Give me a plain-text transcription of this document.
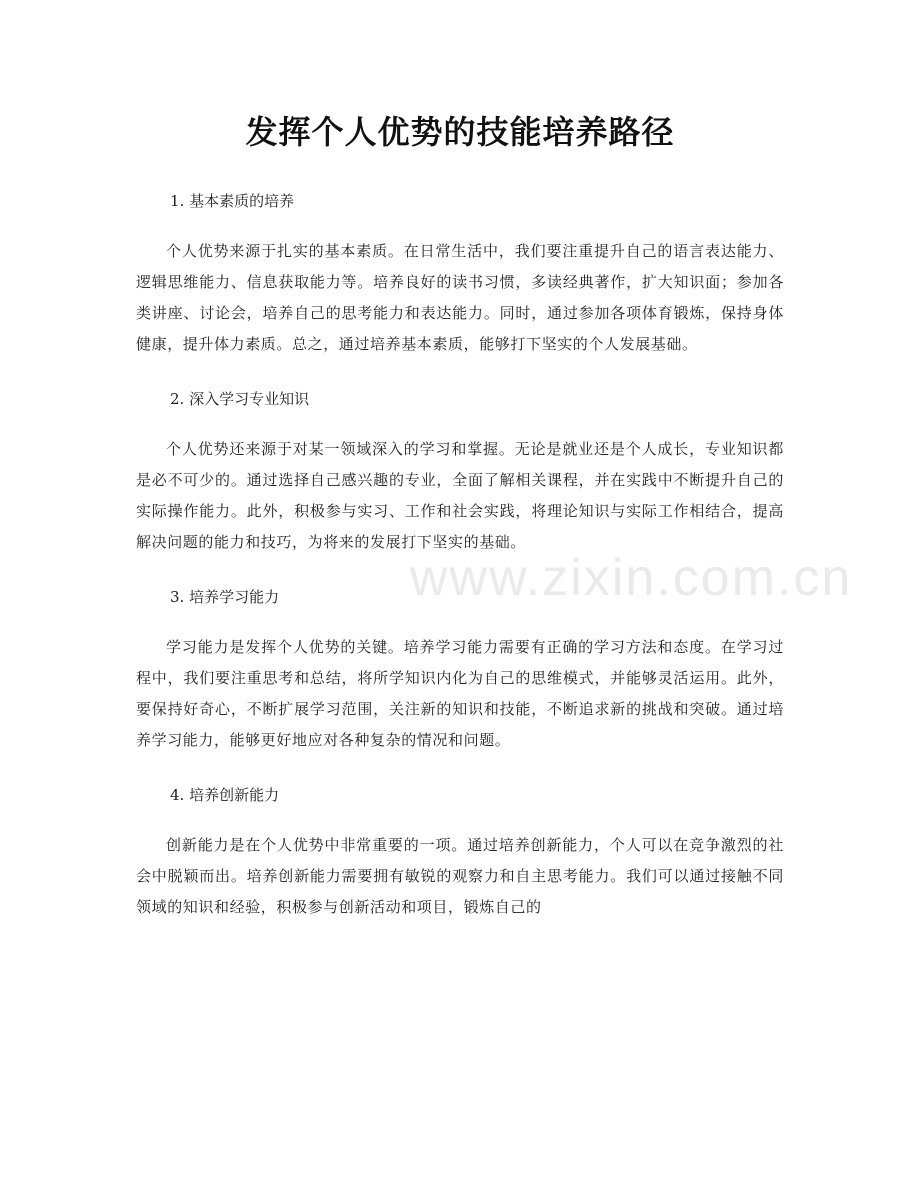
发挥个人优势的技能培养路径
www.zixin.com.cn

1. 基本素质的培养

个人优势来源于扎实的基本素质。在日常生活中，我们要注重提升自己的语言表达能力、逻辑思维能力、信息获取能力等。培养良好的读书习惯，多读经典著作，扩大知识面；参加各类讲座、讨论会，培养自己的思考能力和表达能力。同时，通过参加各项体育锻炼，保持身体健康，提升体力素质。总之，通过培养基本素质，能够打下坚实的个人发展基础。

2. 深入学习专业知识

个人优势还来源于对某一领域深入的学习和掌握。无论是就业还是个人成长，专业知识都是必不可少的。通过选择自己感兴趣的专业，全面了解相关课程，并在实践中不断提升自己的实际操作能力。此外，积极参与实习、工作和社会实践，将理论知识与实际工作相结合，提高解决问题的能力和技巧，为将来的发展打下坚实的基础。

3. 培养学习能力

学习能力是发挥个人优势的关键。培养学习能力需要有正确的学习方法和态度。在学习过程中，我们要注重思考和总结，将所学知识内化为自己的思维模式，并能够灵活运用。此外，要保持好奇心，不断扩展学习范围，关注新的知识和技能，不断追求新的挑战和突破。通过培养学习能力，能够更好地应对各种复杂的情况和问题。

4. 培养创新能力

创新能力是在个人优势中非常重要的一项。通过培养创新能力，个人可以在竞争激烈的社会中脱颖而出。培养创新能力需要拥有敏锐的观察力和自主思考能力。我们可以通过接触不同领域的知识和经验，积极参与创新活动和项目，锻炼自己的
